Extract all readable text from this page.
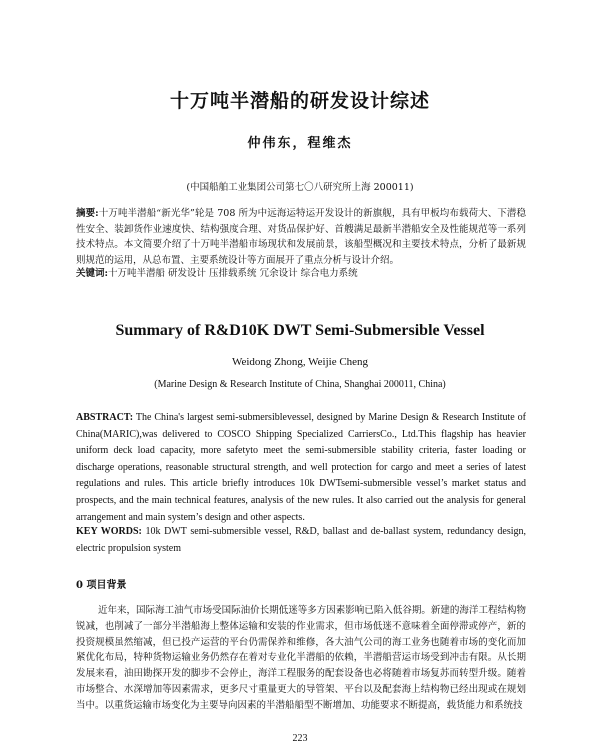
十万吨半潜船的研发设计综述
仲伟东，程维杰
(中国船舶工业集团公司第七〇八研究所上海 200011)
摘要:十万吨半潜船“新光华”轮是 708 所为中远海运特运开发设计的新旗舰，具有甲板均布载荷大、下潜稳性安全、装卸货作业速度快、结构强度合理、对货品保护好、首艘满足最新半潜船安全及性能规范等一系列技术特点。本文简要介绍了十万吨半潜船市场现状和发展前景，该船型概况和主要技术特点，分析了最新规则规范的运用，从总布置、主要系统设计等方面展开了重点分析与设计介绍。
关键词:十万吨半潜船 研发设计 压排载系统 冗余设计 综合电力系统
Summary of R&D10K DWT Semi-Submersible Vessel
Weidong Zhong, Weijie Cheng
(Marine Design & Research Institute of China, Shanghai 200011, China)
ABSTRACT: The China's largest semi-submersiblevessel, designed by Marine Design & Research Institute of China(MARIC),was delivered to COSCO Shipping Specialized CarriersCo., Ltd.This flagship has heavier uniform deck load capacity, more safetyto meet the semi-submersible stability criteria, faster loading or discharge operations, reasonable structural strength, and well protection for cargo and meet a series of latest regulations and rules. This article briefly introduces 10k DWTsemi-submersible vessel’s market status and prospects, and the main technical features, analysis of the new rules. It also carried out the analysis for general arrangement and main system’s design and other aspects.
KEY WORDS: 10k DWT semi-submersible vessel, R&D, ballast and de-ballast system, redundancy design, electric propulsion system
0 项目背景
近年来，国际海工油气市场受国际油价长期低迷等多方因素影响已陷入低谷期。新建的海洋工程结构物锐减，也削减了一部分半潜船海上整体运输和安装的作业需求，但市场低迷不意味着全面停滞或停产，新的投资规模虽然缩减，但已投产运营的平台仍需保养和维修，各大油气公司的海工业务也随着市场的变化而加紧优化布局，特种货物运输业务仍然存在着对专业化半潜船的依赖，半潜船营运市场受到冲击有限。从长期发展来看，油田勘探开发的脚步不会停止，海洋工程服务的配套设备也必将随着市场复苏而转型升级。随着市场整合、水深增加等因素需求，更多尺寸重量更大的导管架、平台以及配套海上结构物已经出现或在规划当中。以重货运输市场变化为主要导向因素的半潜船船型不断增加、功能要求不断提高，载货能力和系统技
223
